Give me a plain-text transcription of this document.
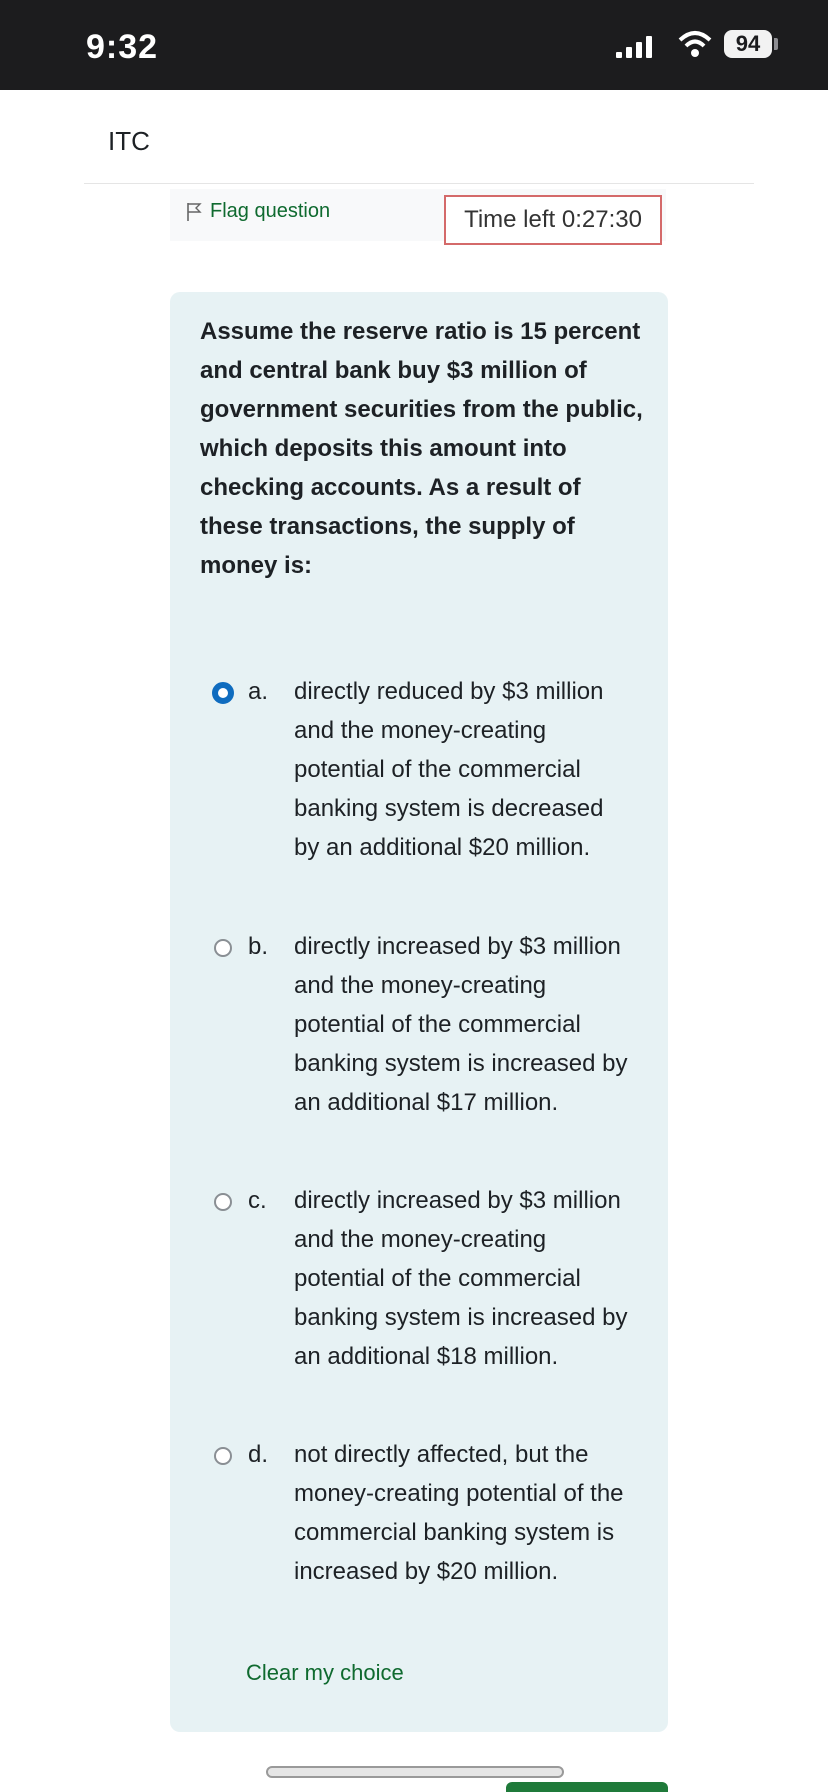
9:32	94
ITC
Flag question	Time left 0:27:30
Assume the reserve ratio is 15 percent and central bank buy $3 million of government securities from the public, which deposits this amount into checking accounts. As a result of these transactions, the supply of money is:
a. directly reduced by $3 million and the money-creating potential of the commercial banking system is decreased by an additional $20 million.
b. directly increased by $3 million and the money-creating potential of the commercial banking system is increased by an additional $17 million.
c. directly increased by $3 million and the money-creating potential of the commercial banking system is increased by an additional $18 million.
d. not directly affected, but the money-creating potential of the commercial banking system is increased by $20 million.
Clear my choice
